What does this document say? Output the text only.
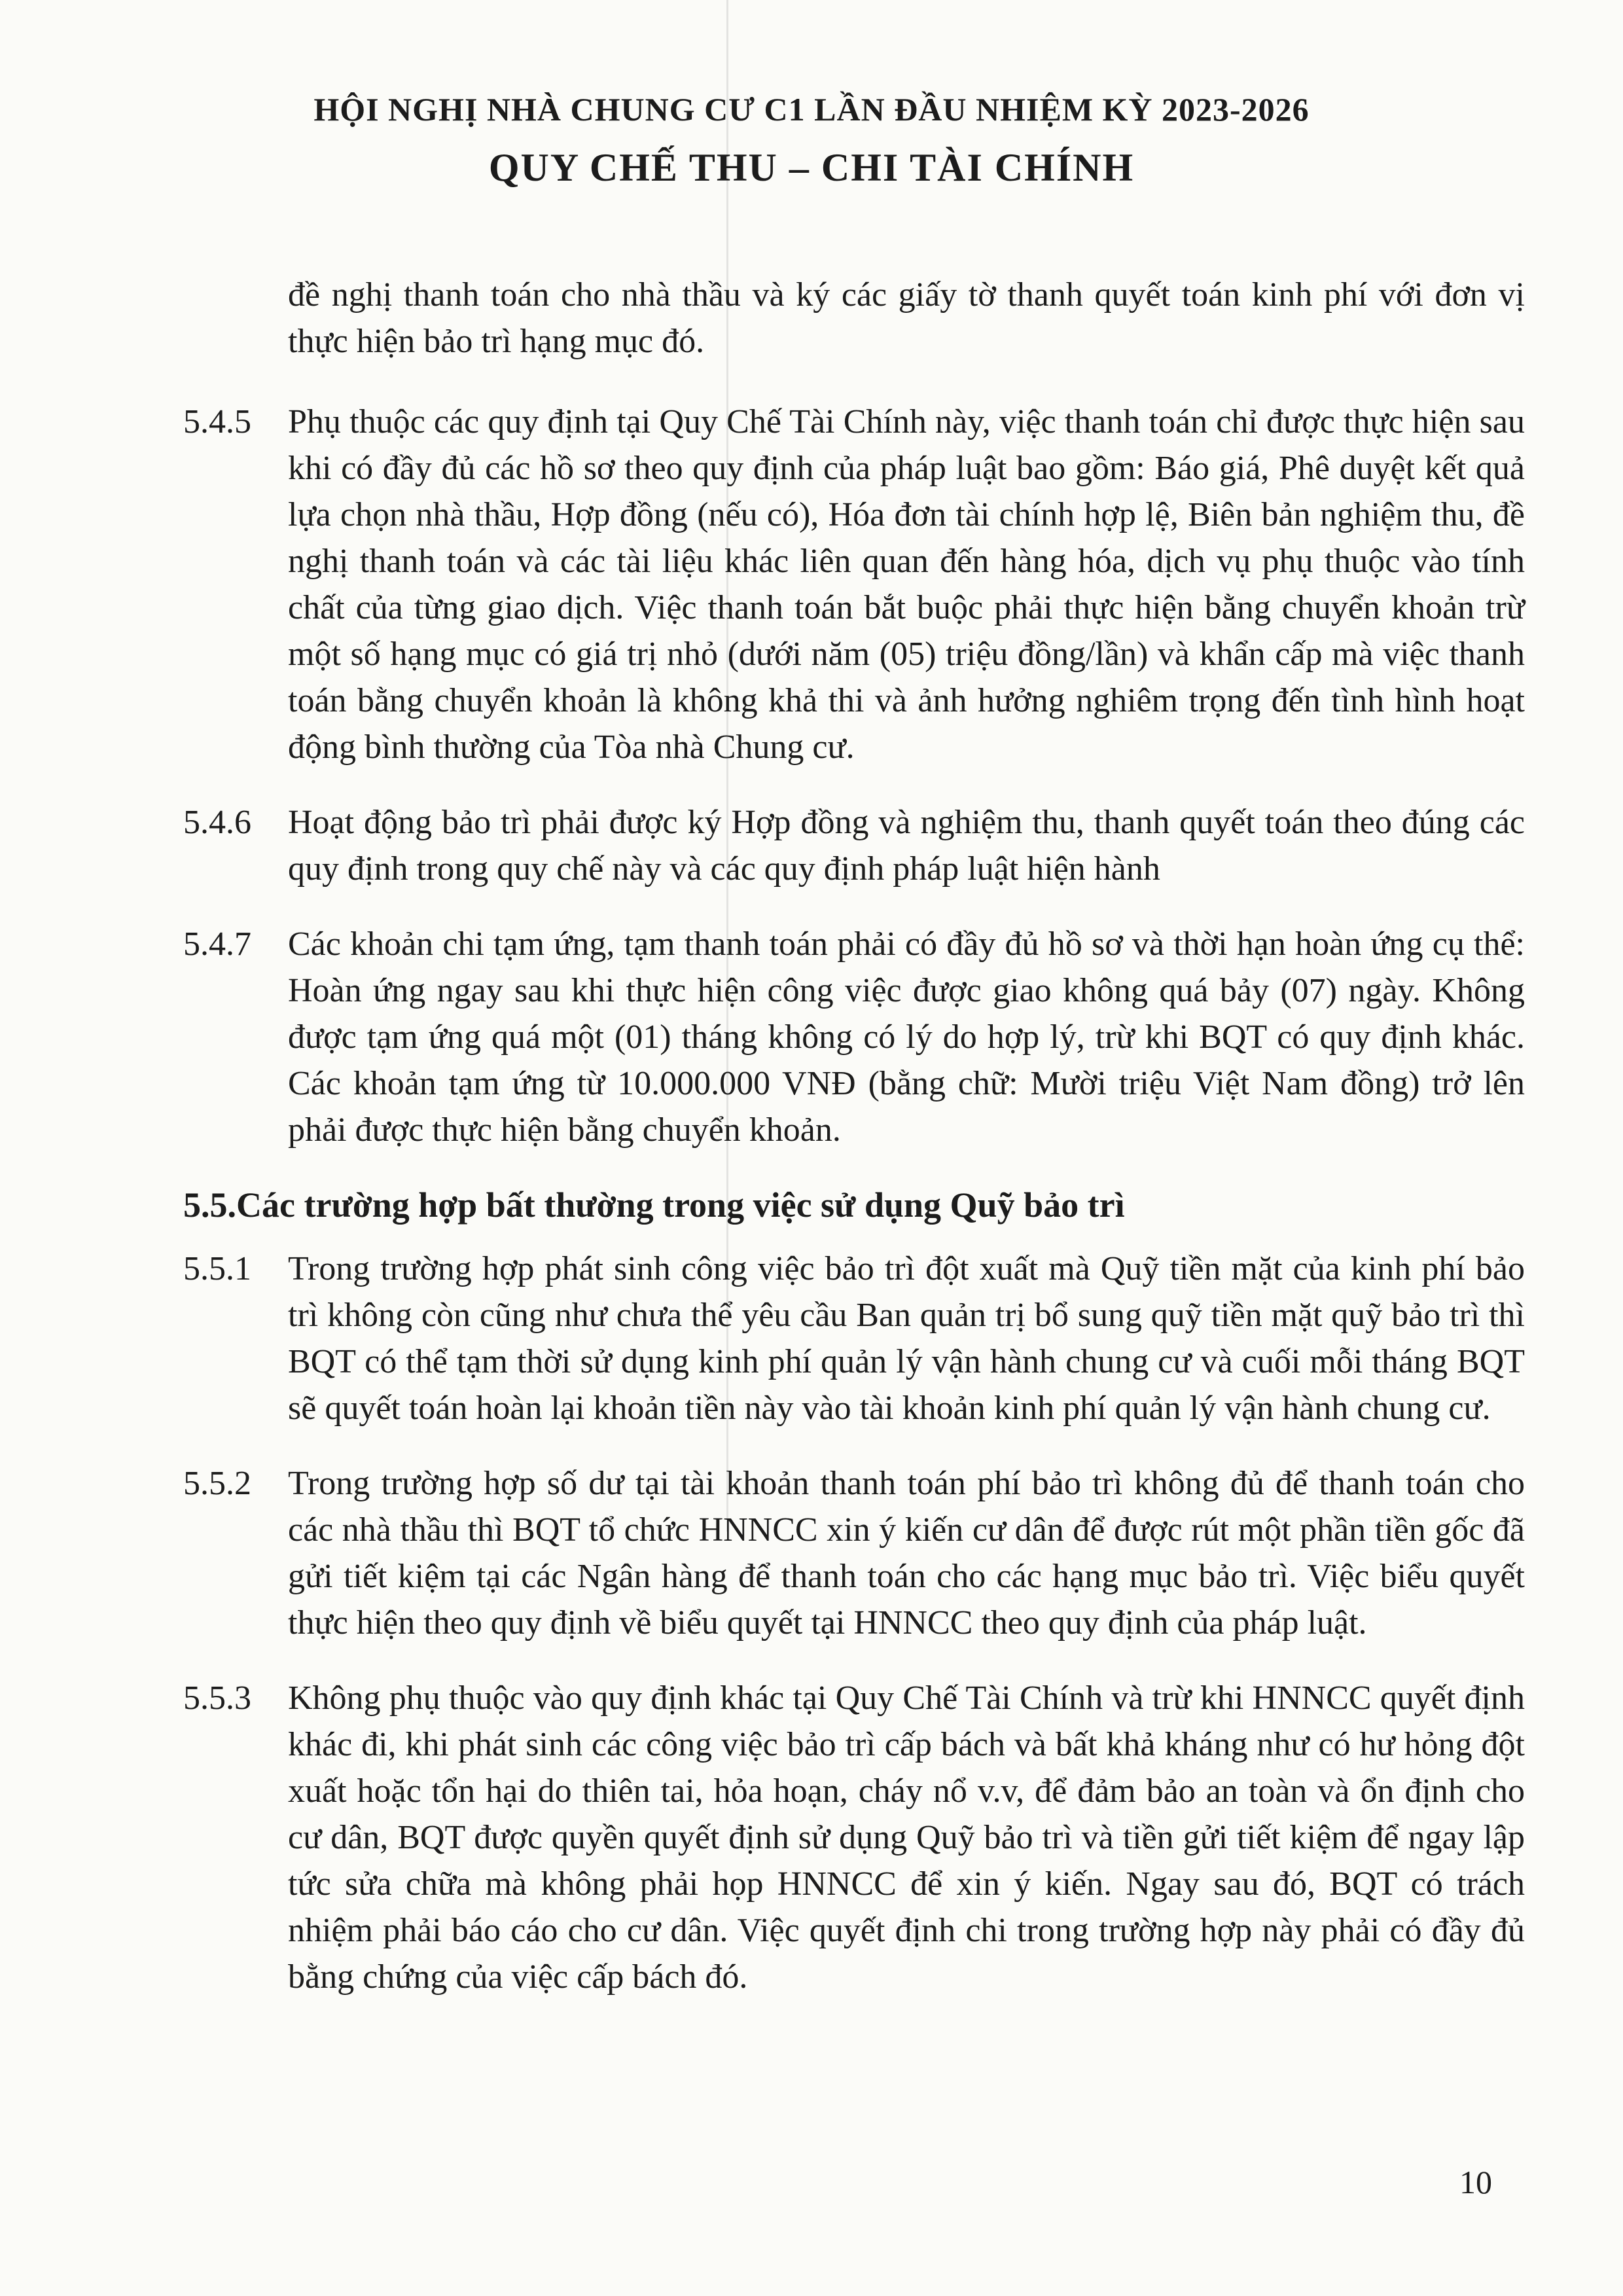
HỘI NGHỊ NHÀ CHUNG CƯ C1 LẦN ĐẦU NHIỆM KỲ 2023-2026
QUY CHẾ THU – CHI TÀI CHÍNH
đề nghị thanh toán cho nhà thầu và ký các giấy tờ thanh quyết toán kinh phí với đơn vị thực hiện bảo trì hạng mục đó.
5.4.5	Phụ thuộc các quy định tại Quy Chế Tài Chính này, việc thanh toán chỉ được thực hiện sau khi có đầy đủ các hồ sơ theo quy định của pháp luật bao gồm: Báo giá, Phê duyệt kết quả lựa chọn nhà thầu, Hợp đồng (nếu có), Hóa đơn tài chính hợp lệ, Biên bản nghiệm thu, đề nghị thanh toán và các tài liệu khác liên quan đến hàng hóa, dịch vụ phụ thuộc vào tính chất của từng giao dịch. Việc thanh toán bắt buộc phải thực hiện bằng chuyển khoản trừ một số hạng mục có giá trị nhỏ (dưới năm (05) triệu đồng/lần) và khẩn cấp mà việc thanh toán bằng chuyển khoản là không khả thi và ảnh hưởng nghiêm trọng đến tình hình hoạt động bình thường của Tòa nhà Chung cư.
5.4.6	Hoạt động bảo trì phải được ký Hợp đồng và nghiệm thu, thanh quyết toán theo đúng các quy định trong quy chế này và các quy định pháp luật hiện hành
5.4.7	Các khoản chi tạm ứng, tạm thanh toán phải có đầy đủ hồ sơ và thời hạn hoàn ứng cụ thể: Hoàn ứng ngay sau khi thực hiện công việc được giao không quá bảy (07) ngày. Không được tạm ứng quá một (01) tháng không có lý do hợp lý, trừ khi BQT có quy định khác. Các khoản tạm ứng từ 10.000.000 VNĐ (bằng chữ: Mười triệu Việt Nam đồng) trở lên phải được thực hiện bằng chuyển khoản.
5.5.Các trường hợp bất thường trong việc sử dụng Quỹ bảo trì
5.5.1	Trong trường hợp phát sinh công việc bảo trì đột xuất mà Quỹ tiền mặt của kinh phí bảo trì không còn cũng như chưa thể yêu cầu Ban quản trị bổ sung quỹ tiền mặt quỹ bảo trì thì BQT có thể tạm thời sử dụng kinh phí quản lý vận hành chung cư và cuối mỗi tháng BQT sẽ quyết toán hoàn lại khoản tiền này vào tài khoản kinh phí quản lý vận hành chung cư.
5.5.2	Trong trường hợp số dư tại tài khoản thanh toán phí bảo trì không đủ để thanh toán cho các nhà thầu thì BQT tổ chức HNNCC xin ý kiến cư dân để được rút một phần tiền gốc đã gửi tiết kiệm tại các Ngân hàng để thanh toán cho các hạng mục bảo trì. Việc biểu quyết thực hiện theo quy định về biểu quyết tại HNNCC theo quy định của pháp luật.
5.5.3	Không phụ thuộc vào quy định khác tại Quy Chế Tài Chính và trừ khi HNNCC quyết định khác đi, khi phát sinh các công việc bảo trì cấp bách và bất khả kháng như có hư hỏng đột xuất hoặc tổn hại do thiên tai, hỏa hoạn, cháy nổ v.v, để đảm bảo an toàn và ổn định cho cư dân, BQT được quyền quyết định sử dụng Quỹ bảo trì và tiền gửi tiết kiệm để ngay lập tức sửa chữa mà không phải họp HNNCC để xin ý kiến. Ngay sau đó, BQT có trách nhiệm phải báo cáo cho cư dân. Việc quyết định chi trong trường hợp này phải có đầy đủ bằng chứng của việc cấp bách đó.
10
